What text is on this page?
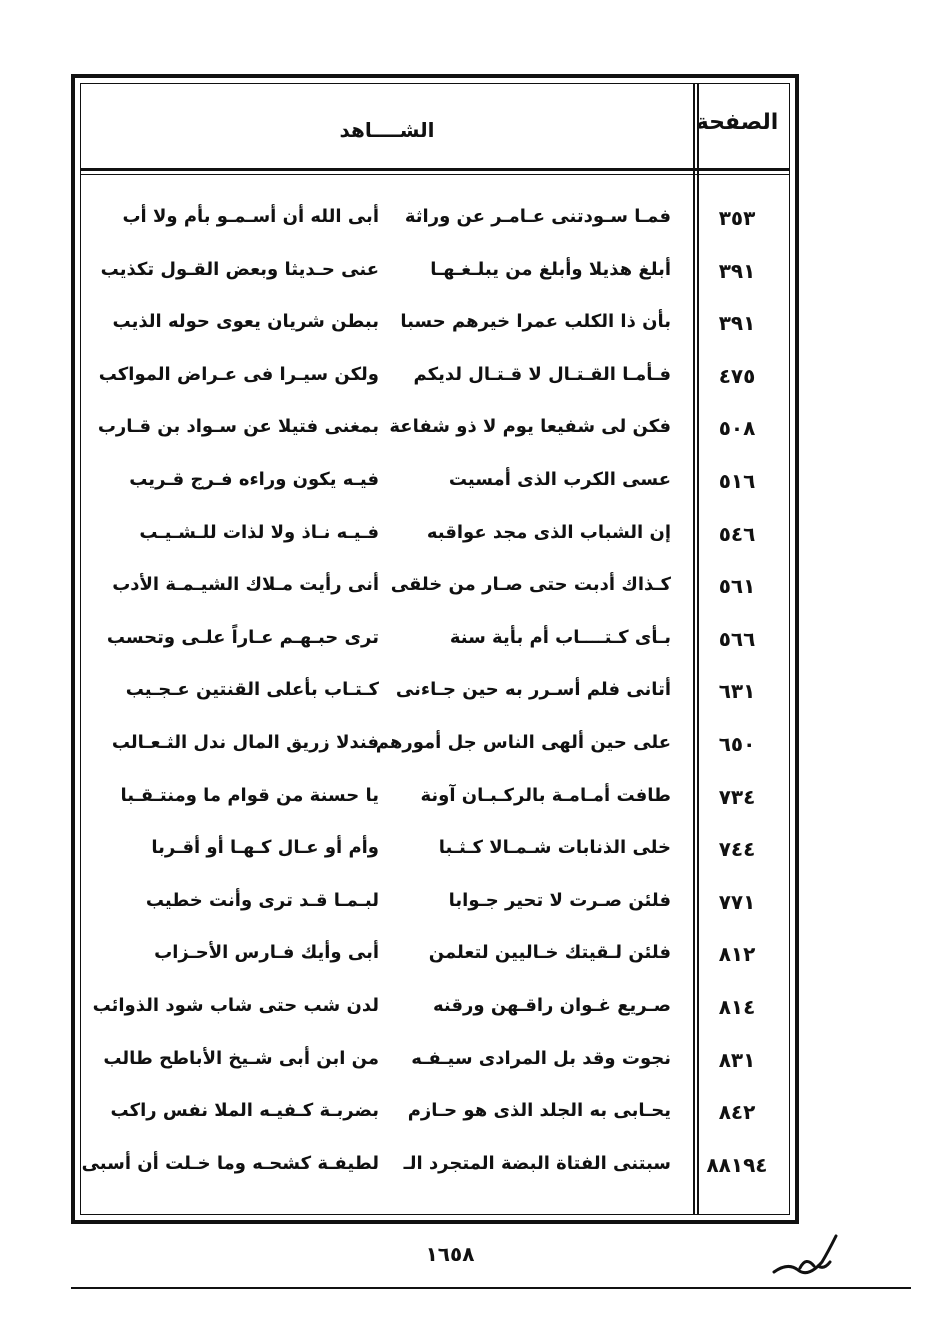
الصفحة
الشــــاهد
٣٥٣
فمـا سـودتنى عـامـر عن وراثة
أبى الله أن أسـمـو بأم ولا أب
٣٩١
أبلغ هذيلا وأبلغ من يبلـغـهـا
عنى حـديثا وبعض القـول تكذيب
٣٩١
بأن ذا الكلب عمرا خيرهم حسبا
ببطن شريان يعوى حوله الذيب
٤٧٥
فـأمـا القـتـال لا قـتـال لديكم
ولكن سيـرا فى عـراض المواكب
٥٠٨
فكن لى شفيعا يوم لا ذو شفاعة
بمغنى فتيلا عن سـواد بن قـارب
٥١٦
عسى الكرب الذى أمسيت
فيـه يكون وراءه فـرج قـريب
٥٤٦
إن الشباب الذى مجد عواقبه
فـيـه نـاذ ولا لذات للـشـيـب
٥٦١
كـذاك أدبت حتى صـار من خلقى
أنى رأيت مـلاك الشيـمـة الأدب
٥٦٦
بـأى كـتــــاب أم بأية سنة
ترى حبـهـم عـاراً علـى وتحسب
٦٣١
أتانى فلم أسـرر به حين جـاءنى
كـتـاب بأعلى القنتين عـجـيب
٦٥٠
على حين ألهى الناس جل أمورهم
فندلا زريق المال ندل الثـعـالب
٧٣٤
طافت أمـامـة بالركـبـان آونة
يا حسنة من قوام ما ومنتـقـبا
٧٤٤
خلى الذنابات شـمـالا كـثـبا
وأم أو عـال كـهـا أو أقـربا
٧٧١
فلئن صـرت لا تحير جـوابا
لبـمـا قـد ترى وأنت خطيب
٨١٢
فلئن لـقيتك خـاليين لتعلمن
أبى وأيك فـارس الأحـزاب
٨١٤
صـريع غـوان راقـهن ورقنه
لدن شب حتى شاب شود الذوائب
٨٣١
نجوت وقد بل المرادى سيـفـه
من ابن أبى شـيخ الأباطح طالب
٨٤٢
يحـابى به الجلد الذى هو حـازم
بضربـة كـفيـه الملا نفس راكب
٨٨١٩٤
سبتنى الفتاة البضة المتجرد الـ
لطيفـة كشحـه وما خـلت أن أسبى
١٦٥٨
